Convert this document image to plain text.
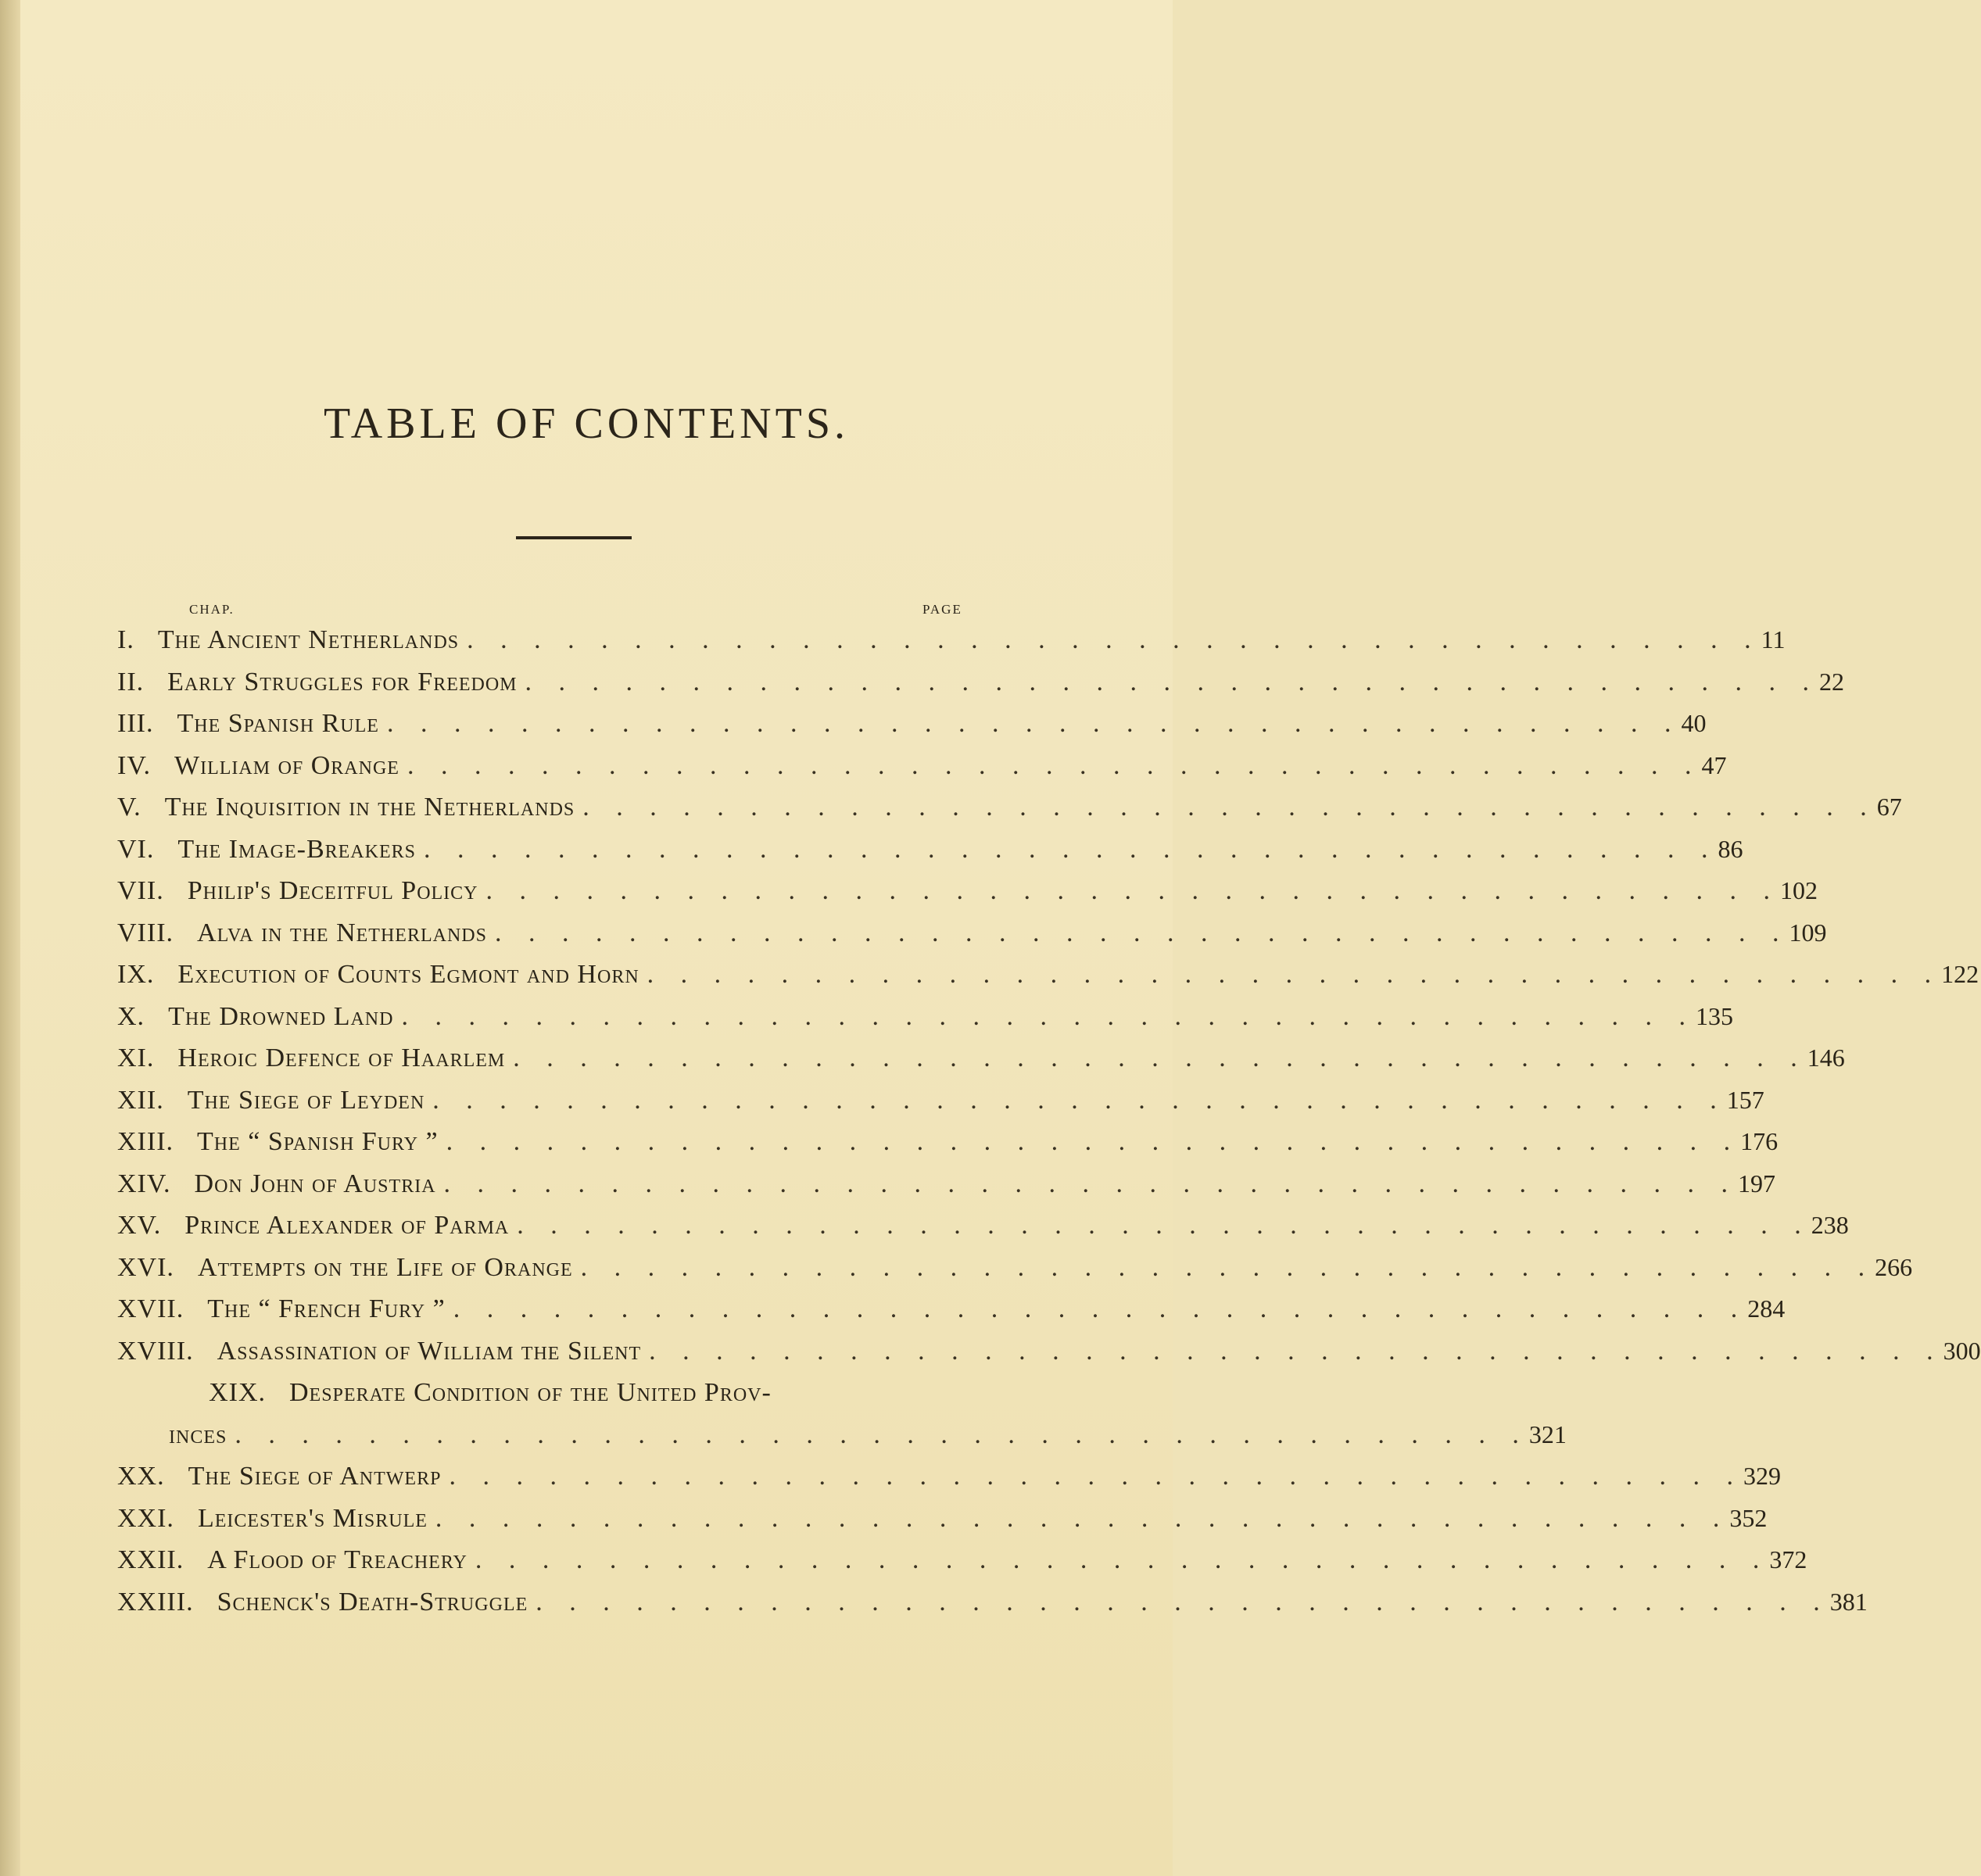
TABLE OF CONTENTS.
CHAP.	PAGE
I. The Ancient Netherlands . . . . . . . . . . . . . . . . . . . . . . . . . . . . . . . . . . . . . . . 11
II. Early Struggles for Freedom . . . . . . . . . . . . . . . . . . . . . . . . . . . . . . . . . . . . . . . 22
III. The Spanish Rule . . . . . . . . . . . . . . . . . . . . . . . . . . . . . . . . . . . . . . . 40
IV. William of Orange . . . . . . . . . . . . . . . . . . . . . . . . . . . . . . . . . . . . . . . 47
V. The Inquisition in the Netherlands . . . . . . . . . . . . . . . . . . . . . . . . . . . . . . . . . . . . . . . 67
VI. The Image-Breakers . . . . . . . . . . . . . . . . . . . . . . . . . . . . . . . . . . . . . . . 86
VII. Philip's Deceitful Policy . . . . . . . . . . . . . . . . . . . . . . . . . . . . . . . . . . . . . . . 102
VIII. Alva in the Netherlands . . . . . . . . . . . . . . . . . . . . . . . . . . . . . . . . . . . . . . . 109
IX. Execution of Counts Egmont and Horn . . . . . . . . . . . . . . . . . . . . . . . . . . . . . . . . . . . . . . . 122
X. The Drowned Land . . . . . . . . . . . . . . . . . . . . . . . . . . . . . . . . . . . . . . . 135
XI. Heroic Defence of Haarlem . . . . . . . . . . . . . . . . . . . . . . . . . . . . . . . . . . . . . . . 146
XII. The Siege of Leyden . . . . . . . . . . . . . . . . . . . . . . . . . . . . . . . . . . . . . . . 157
XIII. The “ Spanish Fury ” . . . . . . . . . . . . . . . . . . . . . . . . . . . . . . . . . . . . . . . 176
XIV. Don John of Austria . . . . . . . . . . . . . . . . . . . . . . . . . . . . . . . . . . . . . . . 197
XV. Prince Alexander of Parma . . . . . . . . . . . . . . . . . . . . . . . . . . . . . . . . . . . . . . . 238
XVI. Attempts on the Life of Orange . . . . . . . . . . . . . . . . . . . . . . . . . . . . . . . . . . . . . . . 266
XVII. The “ French Fury ” . . . . . . . . . . . . . . . . . . . . . . . . . . . . . . . . . . . . . . . 284
XVIII. Assassination of William the Silent . . . . . . . . . . . . . . . . . . . . . . . . . . . . . . . . . . . . . . . 300
XIX. Desperate Condition of the United Prov-
inces . . . . . . . . . . . . . . . . . . . . . . . . . . . . . . . . . . . . . . . 321
XX. The Siege of Antwerp . . . . . . . . . . . . . . . . . . . . . . . . . . . . . . . . . . . . . . . 329
XXI. Leicester's Misrule . . . . . . . . . . . . . . . . . . . . . . . . . . . . . . . . . . . . . . . 352
XXII. A Flood of Treachery . . . . . . . . . . . . . . . . . . . . . . . . . . . . . . . . . . . . . . . 372
XXIII. Schenck's Death-Struggle . . . . . . . . . . . . . . . . . . . . . . . . . . . . . . . . . . . . . . . 381
